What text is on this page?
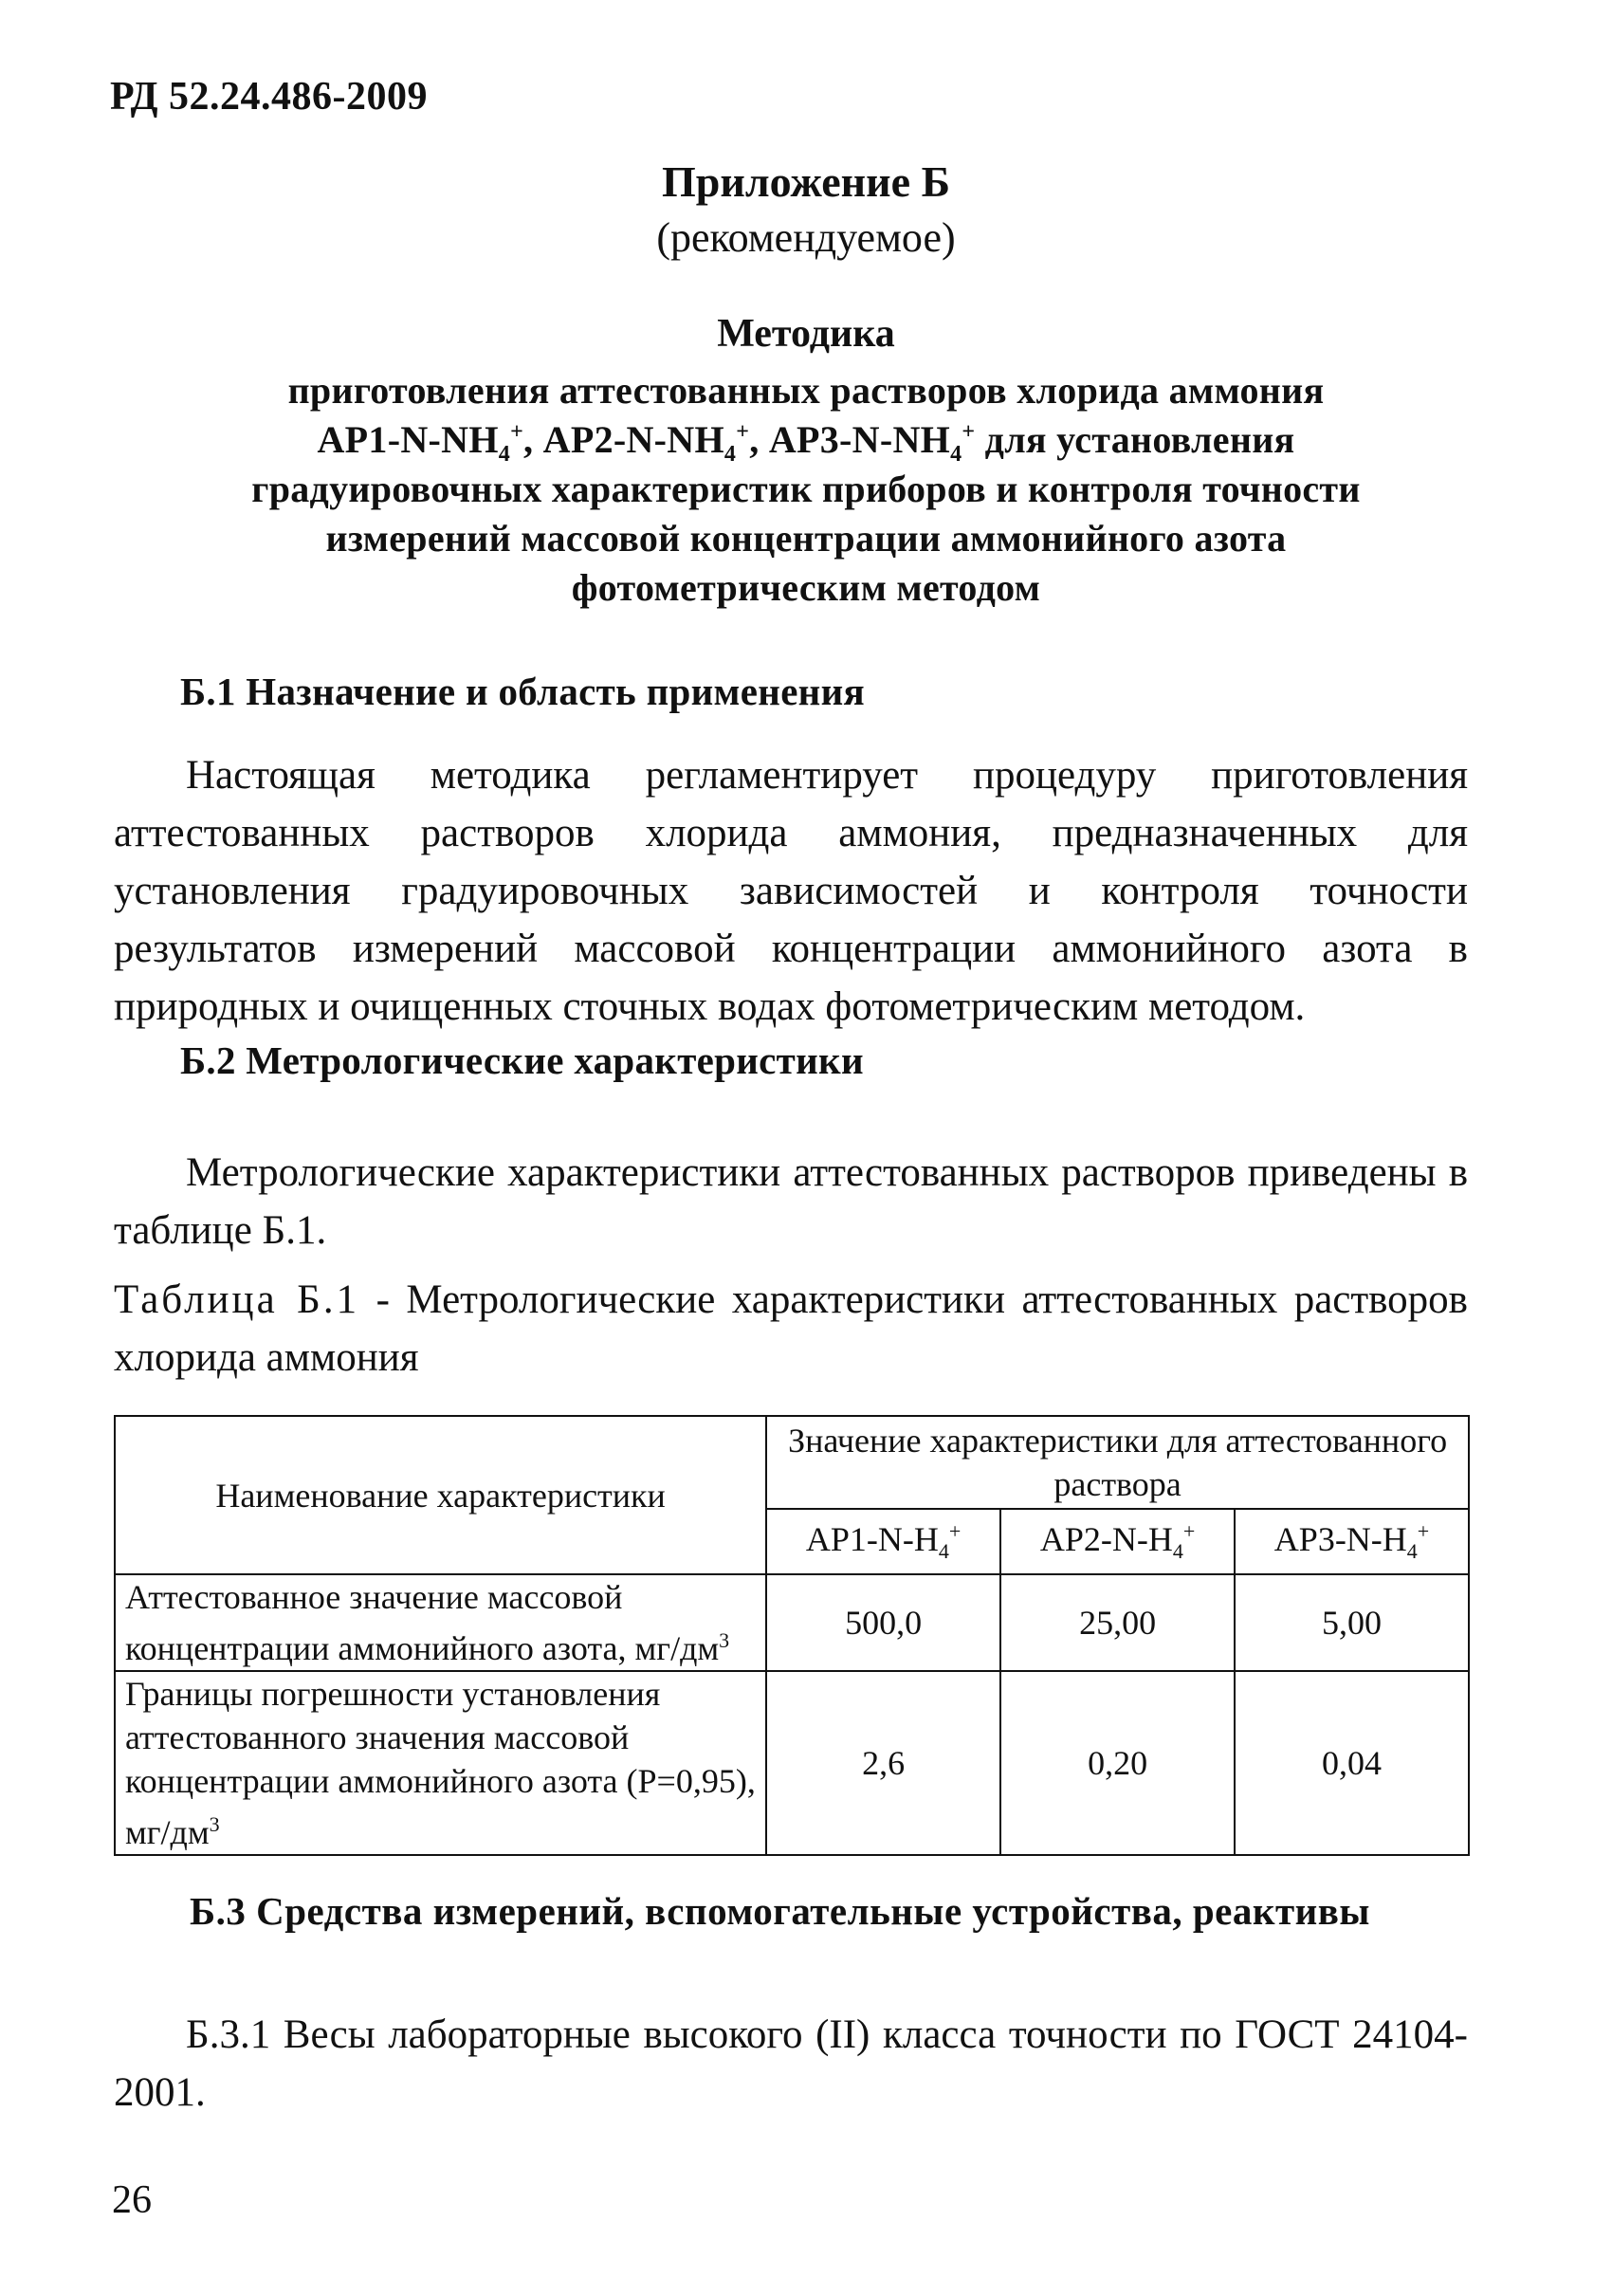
РД 52.24.486-2009
Приложение Б
(рекомендуемое)
Методика
приготовления аттестованных растворов хлорида аммония
$АР1-N-NH_4^+$, $АР2-N-NH_4^+$, $АР3-N-NH_4^+$ для установления
градуировочных характеристик приборов и контроля точности
измерений массовой концентрации аммонийного азота
фотометрическим методом
Б.1 Назначение и область применения
Настоящая методика регламентирует процедуру приготовления аттестованных растворов хлорида аммония, предназначенных для установления градуировочных зависимостей и контроля точности результатов измерений массовой концентрации аммонийного азота в природных и очищенных сточных водах фотометрическим методом.
Б.2 Метрологические характеристики
Метрологические характеристики аттестованных растворов приведены в таблице Б.1.
Таблица Б.1 - Метрологические характеристики аттестованных растворов хлорида аммония
Наименование характеристики	Значение характеристики для аттестованного раствора		
	$АР1-N-H_4^+$	$АР2-N-H_4^+$	$АР3-N-H_4^+$
Аттестованное значение массовой концентрации аммонийного азота, $мг/дм^3$	500,0	25,00	5,00
Границы погрешности установления аттестованного значения массовой концентрации аммонийного азота (Р=0,95), $мг/дм^3$	2,6	0,20	0,04
Б.3 Средства измерений, вспомогательные устройства, реактивы
Б.3.1 Весы лабораторные высокого (II) класса точности по ГОСТ 24104-2001.
26
